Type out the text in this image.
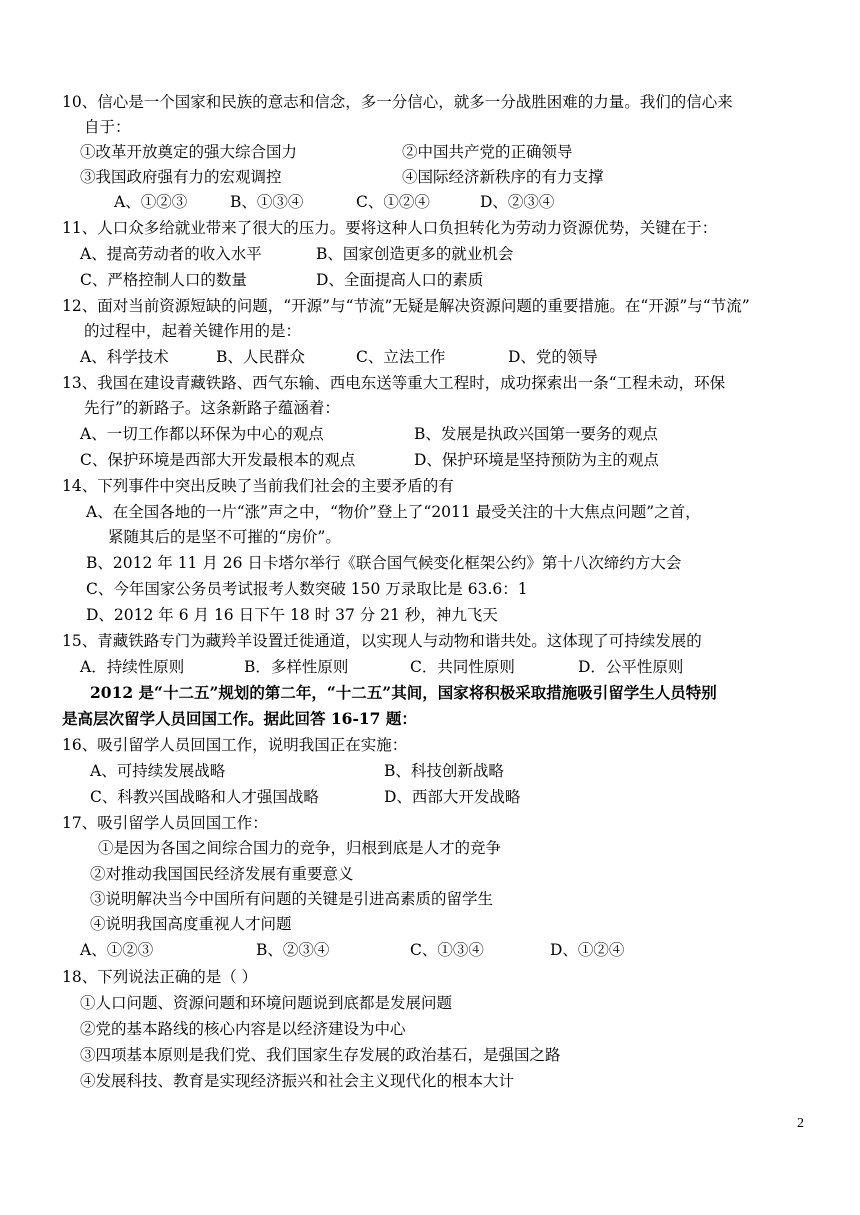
10、信心是一个国家和民族的意志和信念，多一分信心，就多一分战胜困难的力量。我们的信心来
自于：
①改革开放奠定的强大综合国力	②中国共产党的正确领导
③我国政府强有力的宏观调控	④国际经济新秩序的有力支撑
A、①②③	B、①③④	C、①②④	D、②③④
11、人口众多给就业带来了很大的压力。要将这种人口负担转化为劳动力资源优势，关键在于：
A、提高劳动者的收入水平	B、国家创造更多的就业机会
C、严格控制人口的数量	D、全面提高人口的素质
12、面对当前资源短缺的问题，“开源”与“节流”无疑是解决资源问题的重要措施。在“开源”与“节流”
的过程中，起着关键作用的是：
A、科学技术	B、人民群众	C、立法工作	D、党的领导
13、我国在建设青藏铁路、西气东输、西电东送等重大工程时，成功探索出一条“工程未动，环保
先行”的新路子。这条新路子蕴涵着：
A、一切工作都以环保为中心的观点	B、发展是执政兴国第一要务的观点
C、保护环境是西部大开发最根本的观点	D、保护环境是坚持预防为主的观点
14、下列事件中突出反映了当前我们社会的主要矛盾的有
A、在全国各地的一片“涨”声之中，“物价”登上了“2011 最受关注的十大焦点问题”之首，
紧随其后的是坚不可摧的“房价”。
B、2012 年 11 月 26 日卡塔尔举行《联合国气候变化框架公约》第十八次缔约方大会
C、今年国家公务员考试报考人数突破 150 万录取比是 63.6：1
D、2012 年 6 月 16 日下午 18 时 37 分 21 秒，神九飞天
15、青藏铁路专门为藏羚羊设置迁徙通道，以实现人与动物和谐共处。这体现了可持续发展的
A．持续性原则	B．多样性原则	C．共同性原则	D．公平性原则
2012 是“十二五”规划的第二年，“十二五”其间，国家将积极采取措施吸引留学生人员特别
是高层次留学人员回国工作。据此回答 16-17 题：
16、吸引留学人员回国工作，说明我国正在实施：
A、可持续发展战略	B、科技创新战略
C、科教兴国战略和人才强国战略	D、西部大开发战略
17、吸引留学人员回国工作：
①是因为各国之间综合国力的竞争，归根到底是人才的竞争
②对推动我国国民经济发展有重要意义
③说明解决当今中国所有问题的关键是引进高素质的留学生
④说明我国高度重视人才问题
A、①②③	B、②③④	C、①③④	D、①②④
18、下列说法正确的是（ ）
①人口问题、资源问题和环境问题说到底都是发展问题
②党的基本路线的核心内容是以经济建设为中心
③四项基本原则是我们党、我们国家生存发展的政治基石，是强国之路
④发展科技、教育是实现经济振兴和社会主义现代化的根本大计
2
